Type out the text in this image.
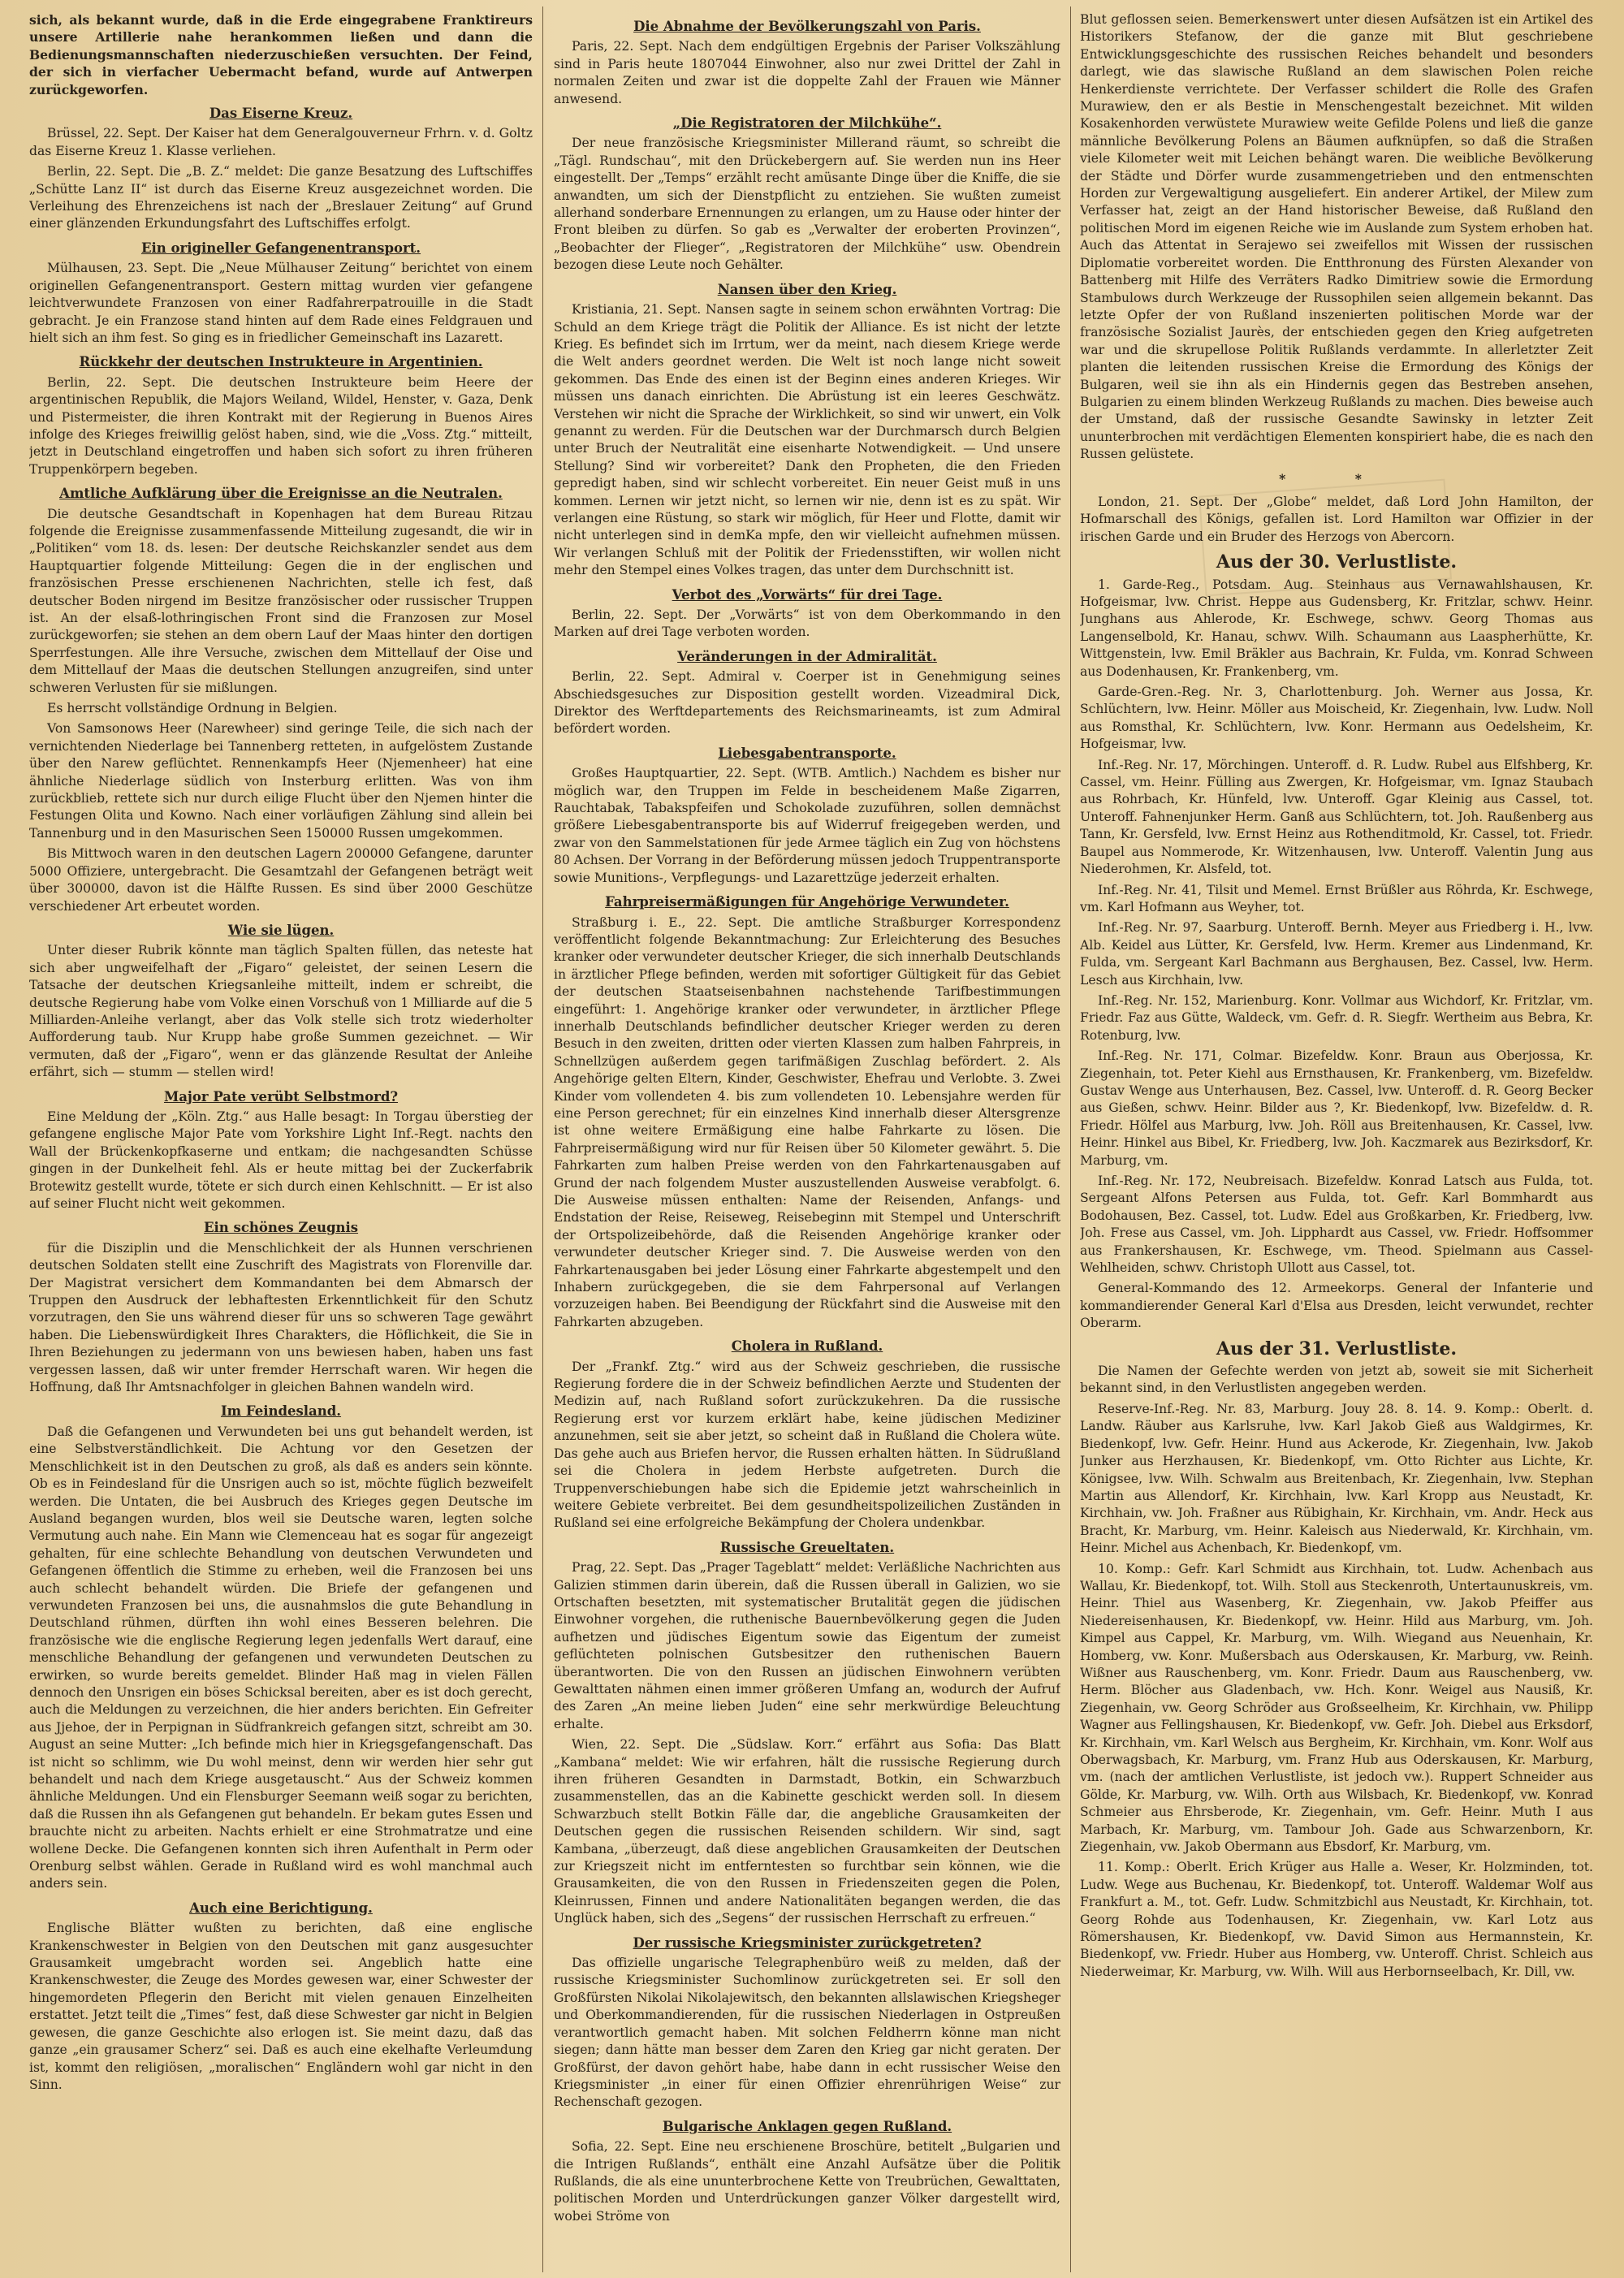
sich, als bekannt wurde, daß in die Erde eingegrabene Franktireurs unsere Artillerie nahe herankommen ließen und dann die Bedienungsmannschaften niederzuschießen versuchten. Der Feind, der sich in vierfacher Uebermacht befand, wurde auf Antwerpen zurückgeworfen.

Das Eiserne Kreuz.

Brüssel, 22. Sept. Der Kaiser hat dem Generalgouverneur Frhrn. v. d. Goltz das Eiserne Kreuz 1. Klasse verliehen.

Berlin, 22. Sept. Die „B. Z.“ meldet: Die ganze Besatzung des Luftschiffes „Schütte Lanz II“ ist durch das Eiserne Kreuz ausgezeichnet worden. Die Verleihung des Ehrenzeichens ist nach der „Breslauer Zeitung“ auf Grund einer glänzenden Erkundungsfahrt des Luftschiffes erfolgt.

Ein origineller Gefangenentransport.

Mülhausen, 23. Sept. Die „Neue Mülhauser Zeitung“ berichtet von einem originellen Gefangenentransport. Gestern mittag wurden vier gefangene leichtverwundete Franzosen von einer Radfahrerpatrouille in die Stadt gebracht. Je ein Franzose stand hinten auf dem Rade eines Feldgrauen und hielt sich an ihm fest. So ging es in friedlicher Gemeinschaft ins Lazarett.

Rückkehr der deutschen Instrukteure in Argentinien.

Berlin, 22. Sept. Die deutschen Instrukteure beim Heere der argentinischen Republik, die Majors Weiland, Wildel, Henster, v. Gaza, Denk und Pistermeister, die ihren Kontrakt mit der Regierung in Buenos Aires infolge des Krieges freiwillig gelöst haben, sind, wie die „Voss. Ztg.“ mitteilt, jetzt in Deutschland eingetroffen und haben sich sofort zu ihren früheren Truppenkörpern begeben.

Amtliche Aufklärung über die Ereignisse an die Neutralen.

Die deutsche Gesandtschaft in Kopenhagen hat dem Bureau Ritzau folgende die Ereignisse zusammenfassende Mitteilung zugesandt, die wir in „Politiken“ vom 18. ds. lesen: Der deutsche Reichskanzler sendet aus dem Hauptquartier folgende Mitteilung: Gegen die in der englischen und französischen Presse erschienenen Nachrichten, stelle ich fest, daß deutscher Boden nirgend im Besitze französischer oder russischer Truppen ist. An der elsaß-lothringischen Front sind die Franzosen zur Mosel zurückgeworfen; sie stehen an dem obern Lauf der Maas hinter den dortigen Sperrfestungen. Alle ihre Versuche, zwischen dem Mittellauf der Oise und dem Mittellauf der Maas die deutschen Stellungen anzugreifen, sind unter schweren Verlusten für sie mißlungen.

Es herrscht vollständige Ordnung in Belgien.

Von Samsonows Heer (Narewheer) sind geringe Teile, die sich nach der vernichtenden Niederlage bei Tannenberg retteten, in aufgelöstem Zustande über den Narew geflüchtet. Rennenkampfs Heer (Njemenheer) hat eine ähnliche Niederlage südlich von Insterburg erlitten. Was von ihm zurückblieb, rettete sich nur durch eilige Flucht über den Njemen hinter die Festungen Olita und Kowno. Nach einer vorläufigen Zählung sind allein bei Tannenburg und in den Masurischen Seen 150000 Russen umgekommen.

Bis Mittwoch waren in den deutschen Lagern 200000 Gefangene, darunter 5000 Offiziere, untergebracht. Die Gesamtzahl der Gefangenen beträgt weit über 300000, davon ist die Hälfte Russen. Es sind über 2000 Geschütze verschiedener Art erbeutet worden.

Wie sie lügen.

Unter dieser Rubrik könnte man täglich Spalten füllen, das neteste hat sich aber ungweifelhaft der „Figaro“ geleistet, der seinen Lesern die Tatsache der deutschen Kriegsanleihe mitteilt, indem er schreibt, die deutsche Regierung habe vom Volke einen Vorschuß von 1 Milliarde auf die 5 Milliarden-Anleihe verlangt, aber das Volk stelle sich trotz wiederholter Aufforderung taub. Nur Krupp habe große Summen gezeichnet. — Wir vermuten, daß der „Figaro“, wenn er das glänzende Resultat der Anleihe erfährt, sich — stumm — stellen wird!

Major Pate verübt Selbstmord?

Eine Meldung der „Köln. Ztg.“ aus Halle besagt: In Torgau überstieg der gefangene englische Major Pate vom Yorkshire Light Inf.-Regt. nachts den Wall der Brückenkopfkaserne und entkam; die nachgesandten Schüsse gingen in der Dunkelheit fehl. Als er heute mittag bei der Zuckerfabrik Brotewitz gestellt wurde, tötete er sich durch einen Kehlschnitt. — Er ist also auf seiner Flucht nicht weit gekommen.

Ein schönes Zeugnis

für die Disziplin und die Menschlichkeit der als Hunnen verschrienen deutschen Soldaten stellt eine Zuschrift des Magistrats von Florenville dar. Der Magistrat versichert dem Kommandanten bei dem Abmarsch der Truppen den Ausdruck der lebhaftesten Erkenntlichkeit für den Schutz vorzutragen, den Sie uns während dieser für uns so schweren Tage gewährt haben. Die Liebenswürdigkeit Ihres Charakters, die Höflichkeit, die Sie in Ihren Beziehungen zu jedermann von uns bewiesen haben, haben uns fast vergessen lassen, daß wir unter fremder Herrschaft waren. Wir hegen die Hoffnung, daß Ihr Amtsnachfolger in gleichen Bahnen wandeln wird.

Im Feindesland.

Daß die Gefangenen und Verwundeten bei uns gut behandelt werden, ist eine Selbstverständlichkeit. Die Achtung vor den Gesetzen der Menschlichkeit ist in den Deutschen zu groß, als daß es anders sein könnte. Ob es in Feindesland für die Unsrigen auch so ist, möchte füglich bezweifelt werden. Die Untaten, die bei Ausbruch des Krieges gegen Deutsche im Ausland begangen wurden, blos weil sie Deutsche waren, legten solche Vermutung auch nahe. Ein Mann wie Clemenceau hat es sogar für angezeigt gehalten, für eine schlechte Behandlung von deutschen Verwundeten und Gefangenen öffentlich die Stimme zu erheben, weil die Franzosen bei uns auch schlecht behandelt würden. Die Briefe der gefangenen und verwundeten Franzosen bei uns, die ausnahmslos die gute Behandlung in Deutschland rühmen, dürften ihn wohl eines Besseren belehren. Die französische wie die englische Regierung legen jedenfalls Wert darauf, eine menschliche Behandlung der gefangenen und verwundeten Deutschen zu erwirken, so wurde bereits gemeldet. Blinder Haß mag in vielen Fällen dennoch den Unsrigen ein böses Schicksal bereiten, aber es ist doch gerecht, auch die Meldungen zu verzeichnen, die hier anders berichten. Ein Gefreiter aus Jjehoe, der in Perpignan in Südfrankreich gefangen sitzt, schreibt am 30. August an seine Mutter: „Ich befinde mich hier in Kriegsgefangenschaft. Das ist nicht so schlimm, wie Du wohl meinst, denn wir werden hier sehr gut behandelt und nach dem Kriege ausgetauscht.“ Aus der Schweiz kommen ähnliche Meldungen. Und ein Flensburger Seemann weiß sogar zu berichten, daß die Russen ihn als Gefangenen gut behandeln. Er bekam gutes Essen und brauchte nicht zu arbeiten. Nachts erhielt er eine Strohmatratze und eine wollene Decke. Die Gefangenen konnten sich ihren Aufenthalt in Perm oder Orenburg selbst wählen. Gerade in Rußland wird es wohl manchmal auch anders sein.

Auch eine Berichtigung.

Englische Blätter wußten zu berichten, daß eine englische Krankenschwester in Belgien von den Deutschen mit ganz ausgesuchter Grausamkeit umgebracht worden sei. Angeblich hatte eine Krankenschwester, die Zeuge des Mordes gewesen war, einer Schwester der hingemordeten Pflegerin den Bericht mit vielen genauen Einzelheiten erstattet. Jetzt teilt die „Times“ fest, daß diese Schwester gar nicht in Belgien gewesen, die ganze Geschichte also erlogen ist. Sie meint dazu, daß das ganze „ein grausamer Scherz“ sei. Daß es auch eine ekelhafte Verleumdung ist, kommt den religiösen, „moralischen“ Engländern wohl gar nicht in den Sinn.

Die Abnahme der Bevölkerungszahl von Paris.

Paris, 22. Sept. Nach dem endgültigen Ergebnis der Pariser Volkszählung sind in Paris heute 1807044 Einwohner, also nur zwei Drittel der Zahl in normalen Zeiten und zwar ist die doppelte Zahl der Frauen wie Männer anwesend.

„Die Registratoren der Milchkühe“.

Der neue französische Kriegsminister Millerand räumt, so schreibt die „Tägl. Rundschau“, mit den Drückebergern auf. Sie werden nun ins Heer eingestellt. Der „Temps“ erzählt recht amüsante Dinge über die Kniffe, die sie anwandten, um sich der Dienstpflicht zu entziehen. Sie wußten zumeist allerhand sonderbare Ernennungen zu erlangen, um zu Hause oder hinter der Front bleiben zu dürfen. So gab es „Verwalter der eroberten Provinzen“, „Beobachter der Flieger“, „Registratoren der Milchkühe“ usw. Obendrein bezogen diese Leute noch Gehälter.

Nansen über den Krieg.

Kristiania, 21. Sept. Nansen sagte in seinem schon erwähnten Vortrag: Die Schuld an dem Kriege trägt die Politik der Alliance. Es ist nicht der letzte Krieg. Es befindet sich im Irrtum, wer da meint, nach diesem Kriege werde die Welt anders geordnet werden. Die Welt ist noch lange nicht soweit gekommen. Das Ende des einen ist der Beginn eines anderen Krieges. Wir müssen uns danach einrichten. Die Abrüstung ist ein leeres Geschwätz. Verstehen wir nicht die Sprache der Wirklichkeit, so sind wir unwert, ein Volk genannt zu werden. Für die Deutschen war der Durchmarsch durch Belgien unter Bruch der Neutralität eine eisenharte Notwendigkeit. — Und unsere Stellung? Sind wir vorbereitet? Dank den Propheten, die den Frieden gepredigt haben, sind wir schlecht vorbereitet. Ein neuer Geist muß in uns kommen. Lernen wir jetzt nicht, so lernen wir nie, denn ist es zu spät. Wir verlangen eine Rüstung, so stark wir möglich, für Heer und Flotte, damit wir nicht unterlegen sind in demKa mpfe, den wir vielleicht aufnehmen müssen. Wir verlangen Schluß mit der Politik der Friedensstiften, wir wollen nicht mehr den Stempel eines Volkes tragen, das unter dem Durchschnitt ist.

Verbot des „Vorwärts“ für drei Tage.

Berlin, 22. Sept. Der „Vorwärts“ ist von dem Oberkommando in den Marken auf drei Tage verboten worden.

Veränderungen in der Admiralität.

Berlin, 22. Sept. Admiral v. Coerper ist in Genehmigung seines Abschiedsgesuches zur Disposition gestellt worden. Vizeadmiral Dick, Direktor des Werftdepartements des Reichsmarineamts, ist zum Admiral befördert worden.

Liebesgabentransporte.

Großes Hauptquartier, 22. Sept. (WTB. Amtlich.) Nachdem es bisher nur möglich war, den Truppen im Felde in bescheidenem Maße Zigarren, Rauchtabak, Tabakspfeifen und Schokolade zuzuführen, sollen demnächst größere Liebesgabentransporte bis auf Widerruf freigegeben werden, und zwar von den Sammelstationen für jede Armee täglich ein Zug von höchstens 80 Achsen. Der Vorrang in der Beförderung müssen jedoch Truppentransporte sowie Munitions-, Verpflegungs- und Lazarettzüge jederzeit erhalten.

Fahrpreisermäßigungen für Angehörige Verwundeter.

Straßburg i. E., 22. Sept. Die amtliche Straßburger Korrespondenz veröffentlicht folgende Bekanntmachung: Zur Erleichterung des Besuches kranker oder verwundeter deutscher Krieger, die sich innerhalb Deutschlands in ärztlicher Pflege befinden, werden mit sofortiger Gültigkeit für das Gebiet der deutschen Staatseisenbahnen nachstehende Tarifbestimmungen eingeführt: 1. Angehörige kranker oder verwundeter, in ärztlicher Pflege innerhalb Deutschlands befindlicher deutscher Krieger werden zu deren Besuch in den zweiten, dritten oder vierten Klassen zum halben Fahrpreis, in Schnellzügen außerdem gegen tarifmäßigen Zuschlag befördert. 2. Als Angehörige gelten Eltern, Kinder, Geschwister, Ehefrau und Verlobte. 3. Zwei Kinder vom vollendeten 4. bis zum vollendeten 10. Lebensjahre werden für eine Person gerechnet; für ein einzelnes Kind innerhalb dieser Altersgrenze ist ohne weitere Ermäßigung eine halbe Fahrkarte zu lösen. Die Fahrpreisermäßigung wird nur für Reisen über 50 Kilometer gewährt. 5. Die Fahrkarten zum halben Preise werden von den Fahrkartenausgaben auf Grund der nach folgendem Muster auszustellenden Ausweise verabfolgt. 6. Die Ausweise müssen enthalten: Name der Reisenden, Anfangs- und Endstation der Reise, Reiseweg, Reisebeginn mit Stempel und Unterschrift der Ortspolizeibehörde, daß die Reisenden Angehörige kranker oder verwundeter deutscher Krieger sind. 7. Die Ausweise werden von den Fahrkartenausgaben bei jeder Lösung einer Fahrkarte abgestempelt und den Inhabern zurückgegeben, die sie dem Fahrpersonal auf Verlangen vorzuzeigen haben. Bei Beendigung der Rückfahrt sind die Ausweise mit den Fahrkarten abzugeben.

Cholera in Rußland.

Der „Frankf. Ztg.“ wird aus der Schweiz geschrieben, die russische Regierung fordere die in der Schweiz befindlichen Aerzte und Studenten der Medizin auf, nach Rußland sofort zurückzukehren. Da die russische Regierung erst vor kurzem erklärt habe, keine jüdischen Mediziner anzunehmen, seit sie aber jetzt, so scheint daß in Rußland die Cholera wüte. Das gehe auch aus Briefen hervor, die Russen erhalten hätten. In Südrußland sei die Cholera in jedem Herbste aufgetreten. Durch die Truppenverschiebungen habe sich die Epidemie jetzt wahrscheinlich in weitere Gebiete verbreitet. Bei dem gesundheitspolizeilichen Zuständen in Rußland sei eine erfolgreiche Bekämpfung der Cholera undenkbar.

Russische Greueltaten.

Prag, 22. Sept. Das „Prager Tageblatt“ meldet: Verläßliche Nachrichten aus Galizien stimmen darin überein, daß die Russen überall in Galizien, wo sie Ortschaften besetzten, mit systematischer Brutalität gegen die jüdischen Einwohner vorgehen, die ruthenische Bauernbevölkerung gegen die Juden aufhetzen und jüdisches Eigentum sowie das Eigentum der zumeist geflüchteten polnischen Gutsbesitzer den ruthenischen Bauern überantworten. Die von den Russen an jüdischen Einwohnern verübten Gewalttaten nähmen einen immer größeren Umfang an, wodurch der Aufruf des Zaren „An meine lieben Juden“ eine sehr merkwürdige Beleuchtung erhalte.

Wien, 22. Sept. Die „Südslaw. Korr.“ erfährt aus Sofia: Das Blatt „Kambana“ meldet: Wie wir erfahren, hält die russische Regierung durch ihren früheren Gesandten in Darmstadt, Botkin, ein Schwarzbuch zusammenstellen, das an die Kabinette geschickt werden soll. In diesem Schwarzbuch stellt Botkin Fälle dar, die angebliche Grausamkeiten der Deutschen gegen die russischen Reisenden schildern. Wir sind, sagt Kambana, „überzeugt, daß diese angeblichen Grausamkeiten der Deutschen zur Kriegszeit nicht im entferntesten so furchtbar sein können, wie die Grausamkeiten, die von den Russen in Friedenszeiten gegen die Polen, Kleinrussen, Finnen und andere Nationalitäten begangen werden, die das Unglück haben, sich des „Segens“ der russischen Herrschaft zu erfreuen.“

Der russische Kriegsminister zurückgetreten?

Das offizielle ungarische Telegraphenbüro weiß zu melden, daß der russische Kriegsminister Suchomlinow zurückgetreten sei. Er soll den Großfürsten Nikolai Nikolajewitsch, den bekannten allslawischen Kriegsheger und Oberkommandierenden, für die russischen Niederlagen in Ostpreußen verantwortlich gemacht haben. Mit solchen Feldherrn könne man nicht siegen; dann hätte man besser dem Zaren den Krieg gar nicht geraten. Der Großfürst, der davon gehört habe, habe dann in echt russischer Weise den Kriegsminister „in einer für einen Offizier ehrenrührigen Weise“ zur Rechenschaft gezogen.

Bulgarische Anklagen gegen Rußland.

Sofia, 22. Sept. Eine neu erschienene Broschüre, betitelt „Bulgarien und die Intrigen Rußlands“, enthält eine Anzahl Aufsätze über die Politik Rußlands, die als eine ununterbrochene Kette von Treubrüchen, Gewalttaten, politischen Morden und Unterdrückungen ganzer Völker dargestellt wird, wobei Ströme von

Blut geflossen seien. Bemerkenswert unter diesen Aufsätzen ist ein Artikel des Historikers Stefanow, der die ganze mit Blut geschriebene Entwicklungsgeschichte des russischen Reiches behandelt und besonders darlegt, wie das slawische Rußland an dem slawischen Polen reiche Henkerdienste verrichtete. Der Verfasser schildert die Rolle des Grafen Murawiew, den er als Bestie in Menschengestalt bezeichnet. Mit wilden Kosakenhorden verwüstete Murawiew weite Gefilde Polens und ließ die ganze männliche Bevölkerung Polens an Bäumen aufknüpfen, so daß die Straßen viele Kilometer weit mit Leichen behängt waren. Die weibliche Bevölkerung der Städte und Dörfer wurde zusammengetrieben und den entmenschten Horden zur Vergewaltigung ausgeliefert. Ein anderer Artikel, der Milew zum Verfasser hat, zeigt an der Hand historischer Beweise, daß Rußland den politischen Mord im eigenen Reiche wie im Auslande zum System erhoben hat. Auch das Attentat in Serajewo sei zweifellos mit Wissen der russischen Diplomatie vorbereitet worden. Die Entthronung des Fürsten Alexander von Battenberg mit Hilfe des Verräters Radko Dimitriew sowie die Ermordung Stambulows durch Werkzeuge der Russophilen seien allgemein bekannt. Das letzte Opfer der von Rußland inszenierten politischen Morde war der französische Sozialist Jaurès, der entschieden gegen den Krieg aufgetreten war und die skrupellose Politik Rußlands verdammte. In allerletzter Zeit planten die leitenden russischen Kreise die Ermordung des Königs der Bulgaren, weil sie ihn als ein Hindernis gegen das Bestreben ansehen, Bulgarien zu einem blinden Werkzeug Rußlands zu machen. Dies beweise auch der Umstand, daß der russische Gesandte Sawinsky in letzter Zeit ununterbrochen mit verdächtigen Elementen konspiriert habe, die es nach den Russen gelüstete.

* *

London, 21. Sept. Der „Globe“ meldet, daß Lord John Hamilton, der Hofmarschall des Königs, gefallen ist. Lord Hamilton war Offizier in der irischen Garde und ein Bruder des Herzogs von Abercorn.

Aus der 30. Verlustliste.

1. Garde-Reg., Potsdam. Aug. Steinhaus aus Vernawahlshausen, Kr. Hofgeismar, lvw. Christ. Heppe aus Gudensberg, Kr. Fritzlar, schwv. Heinr. Junghans aus Ahlerode, Kr. Eschwege, schwv. Georg Thomas aus Langenselbold, Kr. Hanau, schwv. Wilh. Schaumann aus Laaspherhütte, Kr. Wittgenstein, lvw. Emil Bräkler aus Bachrain, Kr. Fulda, vm. Konrad Schween aus Dodenhausen, Kr. Frankenberg, vm.

Garde-Gren.-Reg. Nr. 3, Charlottenburg. Joh. Werner aus Jossa, Kr. Schlüchtern, lvw. Heinr. Möller aus Moischeid, Kr. Ziegenhain, lvw. Ludw. Noll aus Romsthal, Kr. Schlüchtern, lvw. Konr. Hermann aus Oedelsheim, Kr. Hofgeismar, lvw.

Inf.-Reg. Nr. 17, Mörchingen. Unteroff. d. R. Ludw. Rubel aus Elfshberg, Kr. Cassel, vm. Heinr. Fülling aus Zwergen, Kr. Hofgeismar, vm. Ignaz Staubach aus Rohrbach, Kr. Hünfeld, lvw. Unteroff. Ggar Kleinig aus Cassel, tot. Unteroff. Fahnenjunker Herm. Ganß aus Schlüchtern, tot. Joh. Raußenberg aus Tann, Kr. Gersfeld, lvw. Ernst Heinz aus Rothenditmold, Kr. Cassel, tot. Friedr. Baupel aus Nommerode, Kr. Witzenhausen, lvw. Unteroff. Valentin Jung aus Niederohmen, Kr. Alsfeld, tot.

Inf.-Reg. Nr. 41, Tilsit und Memel. Ernst Brüßler aus Röhrda, Kr. Eschwege, vm. Karl Hofmann aus Weyher, tot.

Inf.-Reg. Nr. 97, Saarburg. Unteroff. Bernh. Meyer aus Friedberg i. H., lvw. Alb. Keidel aus Lütter, Kr. Gersfeld, lvw. Herm. Kremer aus Lindenmand, Kr. Fulda, vm. Sergeant Karl Bachmann aus Berghausen, Bez. Cassel, lvw. Herm. Lesch aus Kirchhain, lvw.

Inf.-Reg. Nr. 152, Marienburg. Konr. Vollmar aus Wichdorf, Kr. Fritzlar, vm. Friedr. Faz aus Gütte, Waldeck, vm. Gefr. d. R. Siegfr. Wertheim aus Bebra, Kr. Rotenburg, lvw.

Inf.-Reg. Nr. 171, Colmar. Bizefeldw. Konr. Braun aus Oberjossa, Kr. Ziegenhain, tot. Peter Kiehl aus Ernsthausen, Kr. Frankenberg, vm. Bizefeldw. Gustav Wenge aus Unterhausen, Bez. Cassel, lvw. Unteroff. d. R. Georg Becker aus Gießen, schwv. Heinr. Bilder aus ?, Kr. Biedenkopf, lvw. Bizefeldw. d. R. Friedr. Hölfel aus Marburg, lvw. Joh. Röll aus Breitenhausen, Kr. Cassel, lvw. Heinr. Hinkel aus Bibel, Kr. Friedberg, lvw. Joh. Kaczmarek aus Bezirksdorf, Kr. Marburg, vm.

Inf.-Reg. Nr. 172, Neubreisach. Bizefeldw. Konrad Latsch aus Fulda, tot. Sergeant Alfons Petersen aus Fulda, tot. Gefr. Karl Bommhardt aus Bodohausen, Bez. Cassel, tot. Ludw. Edel aus Großkarben, Kr. Friedberg, lvw. Joh. Frese aus Cassel, vm. Joh. Lipphardt aus Cassel, vw. Friedr. Hoffsommer aus Frankershausen, Kr. Eschwege, vm. Theod. Spielmann aus Cassel-Wehlheiden, schwv. Christoph Ullott aus Cassel, tot.

General-Kommando des 12. Armeekorps. General der Infanterie und kommandierender General Karl d'Elsa aus Dresden, leicht verwundet, rechter Oberarm.

Aus der 31. Verlustliste.

Die Namen der Gefechte werden von jetzt ab, soweit sie mit Sicherheit bekannt sind, in den Verlustlisten angegeben werden.

Reserve-Inf.-Reg. Nr. 83, Marburg. Jouy 28. 8. 14. 9. Komp.: Oberlt. d. Landw. Räuber aus Karlsruhe, lvw. Karl Jakob Gieß aus Waldgirmes, Kr. Biedenkopf, lvw. Gefr. Heinr. Hund aus Ackerode, Kr. Ziegenhain, lvw. Jakob Junker aus Herzhausen, Kr. Biedenkopf, vm. Otto Richter aus Lichte, Kr. Königsee, lvw. Wilh. Schwalm aus Breitenbach, Kr. Ziegenhain, lvw. Stephan Martin aus Allendorf, Kr. Kirchhain, lvw. Karl Kropp aus Neustadt, Kr. Kirchhain, vw. Joh. Fraßner aus Rübighain, Kr. Kirchhain, vm. Andr. Heck aus Bracht, Kr. Marburg, vm. Heinr. Kaleisch aus Niederwald, Kr. Kirchhain, vm. Heinr. Michel aus Achenbach, Kr. Biedenkopf, vm.

10. Komp.: Gefr. Karl Schmidt aus Kirchhain, tot. Ludw. Achenbach aus Wallau, Kr. Biedenkopf, tot. Wilh. Stoll aus Steckenroth, Untertaunuskreis, vm. Heinr. Thiel aus Wasenberg, Kr. Ziegenhain, vw. Jakob Pfeiffer aus Niedereisenhausen, Kr. Biedenkopf, vw. Heinr. Hild aus Marburg, vm. Joh. Kimpel aus Cappel, Kr. Marburg, vm. Wilh. Wiegand aus Neuenhain, Kr. Homberg, vw. Konr. Mußersbach aus Oderskausen, Kr. Marburg, vw. Reinh. Wißner aus Rauschenberg, vm. Konr. Friedr. Daum aus Rauschenberg, vw. Herm. Blöcher aus Gladenbach, vw. Hch. Konr. Weigel aus Nausiß, Kr. Ziegenhain, vw. Georg Schröder aus Großseelheim, Kr. Kirchhain, vw. Philipp Wagner aus Fellingshausen, Kr. Biedenkopf, vw. Gefr. Joh. Diebel aus Erksdorf, Kr. Kirchhain, vm. Karl Welsch aus Bergheim, Kr. Kirchhain, vm. Konr. Wolf aus Oberwagsbach, Kr. Marburg, vm. Franz Hub aus Oderskausen, Kr. Marburg, vm. (nach der amtlichen Verlustliste, ist jedoch vw.). Ruppert Schneider aus Gölde, Kr. Marburg, vw. Wilh. Orth aus Wilsbach, Kr. Biedenkopf, vw. Konrad Schmeier aus Ehrsberode, Kr. Ziegenhain, vm. Gefr. Heinr. Muth I aus Marbach, Kr. Marburg, vm. Tambour Joh. Gade aus Schwarzenborn, Kr. Ziegenhain, vw. Jakob Obermann aus Ebsdorf, Kr. Marburg, vm.

11. Komp.: Oberlt. Erich Krüger aus Halle a. Weser, Kr. Holzminden, tot. Ludw. Wege aus Buchenau, Kr. Biedenkopf, tot. Unteroff. Waldemar Wolf aus Frankfurt a. M., tot. Gefr. Ludw. Schmitzbichl aus Neustadt, Kr. Kirchhain, tot. Georg Rohde aus Todenhausen, Kr. Ziegenhain, vw. Karl Lotz aus Römershausen, Kr. Biedenkopf, vw. David Simon aus Hermannstein, Kr. Biedenkopf, vw. Friedr. Huber aus Homberg, vw. Unteroff. Christ. Schleich aus Niederweimar, Kr. Marburg, vw. Wilh. Will aus Herbornseelbach, Kr. Dill, vw.
